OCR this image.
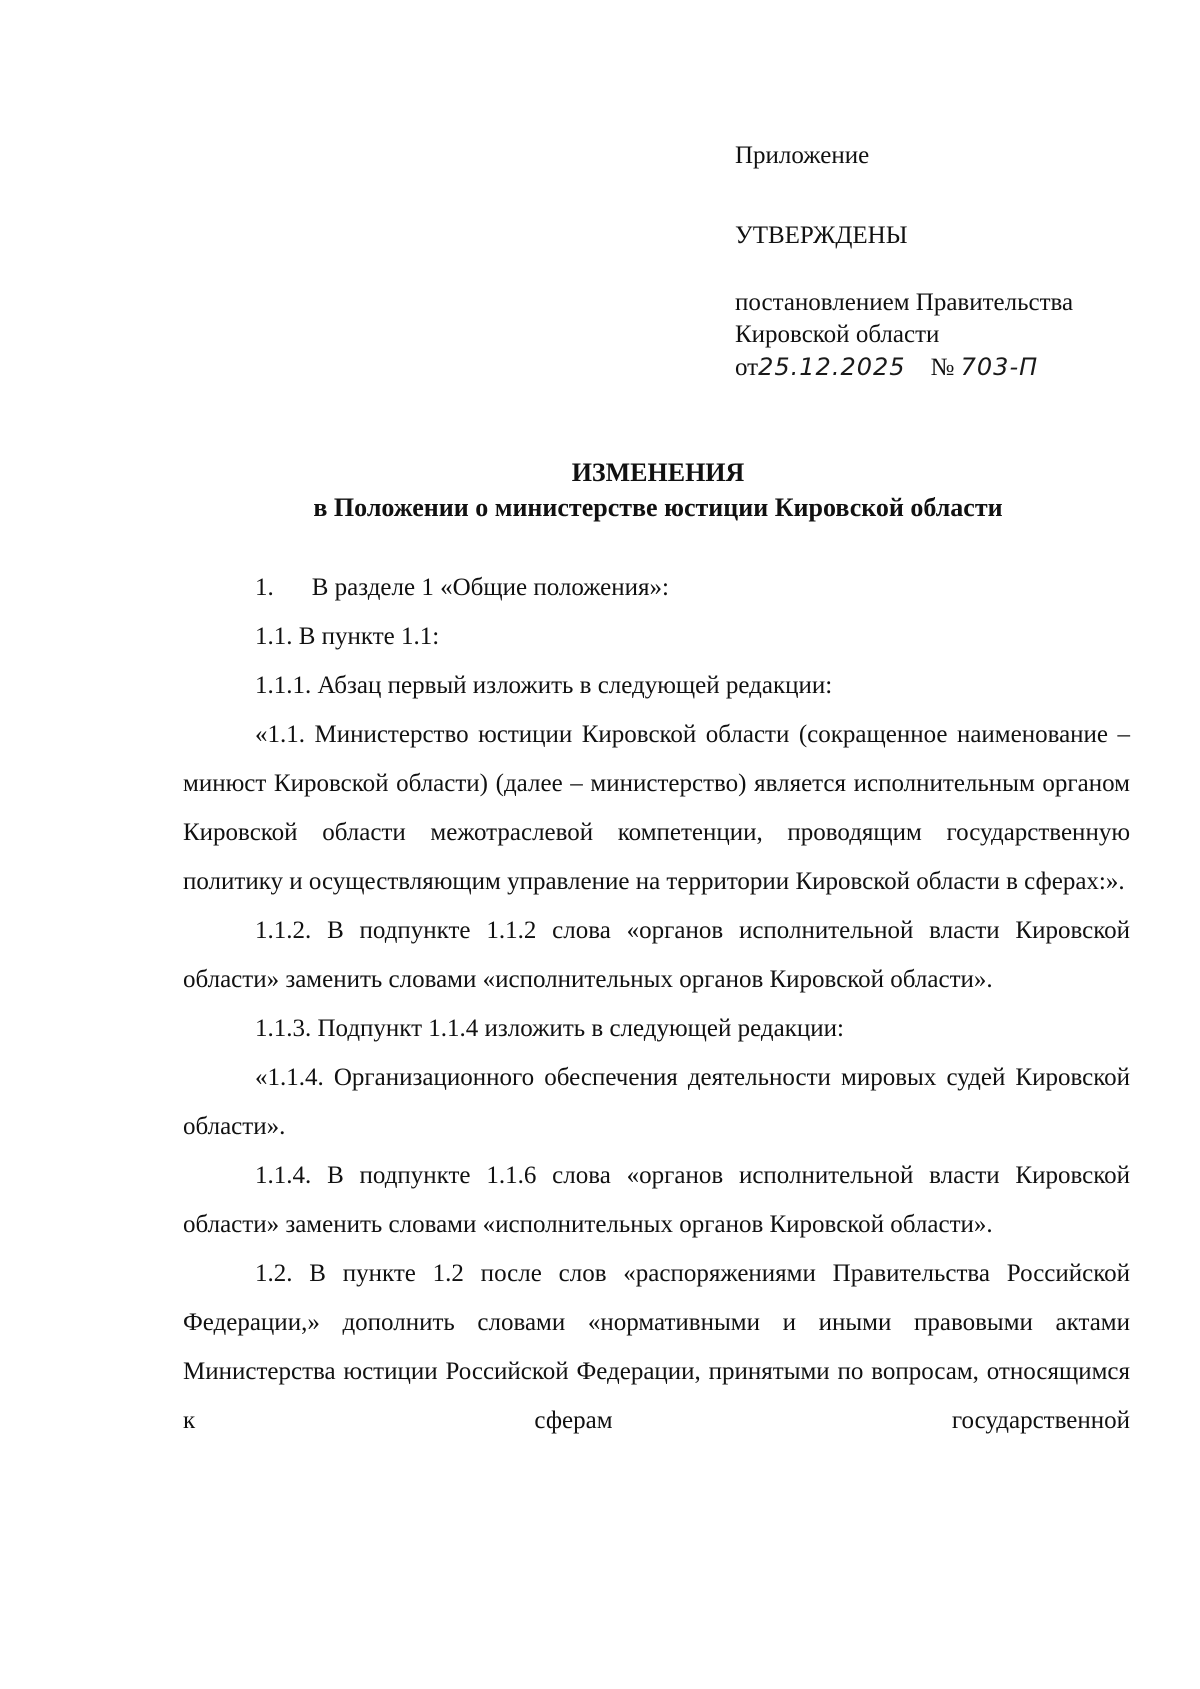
Приложение
УТВЕРЖДЕНЫ
постановлением Правительства
Кировской области
от25.12.2025 № 703-П
ИЗМЕНЕНИЯ
в Положении о министерстве юстиции Кировской области

1. В разделе 1 «Общие положения»:

1.1. В пункте 1.1:

1.1.1. Абзац первый изложить в следующей редакции:

«1.1. Министерство юстиции Кировской области (сокращенное наименование – минюст Кировской области) (далее – министерство) является исполнительным органом Кировской области межотраслевой компетенции, проводящим государственную политику и осуществляющим управление на территории Кировской области в сферах:».

1.1.2. В подпункте 1.1.2 слова «органов исполнительной власти Кировской области» заменить словами «исполнительных органов Кировской области».

1.1.3. Подпункт 1.1.4 изложить в следующей редакции:

«1.1.4. Организационного обеспечения деятельности мировых судей Кировской области».

1.1.4. В подпункте 1.1.6 слова «органов исполнительной власти Кировской области» заменить словами «исполнительных органов Кировской области».

1.2. В пункте 1.2 после слов «распоряжениями Правительства Российской Федерации,» дополнить словами «нормативными и иными правовыми актами Министерства юстиции Российской Федерации, принятыми по вопросам, относящимся к сферам государственной
